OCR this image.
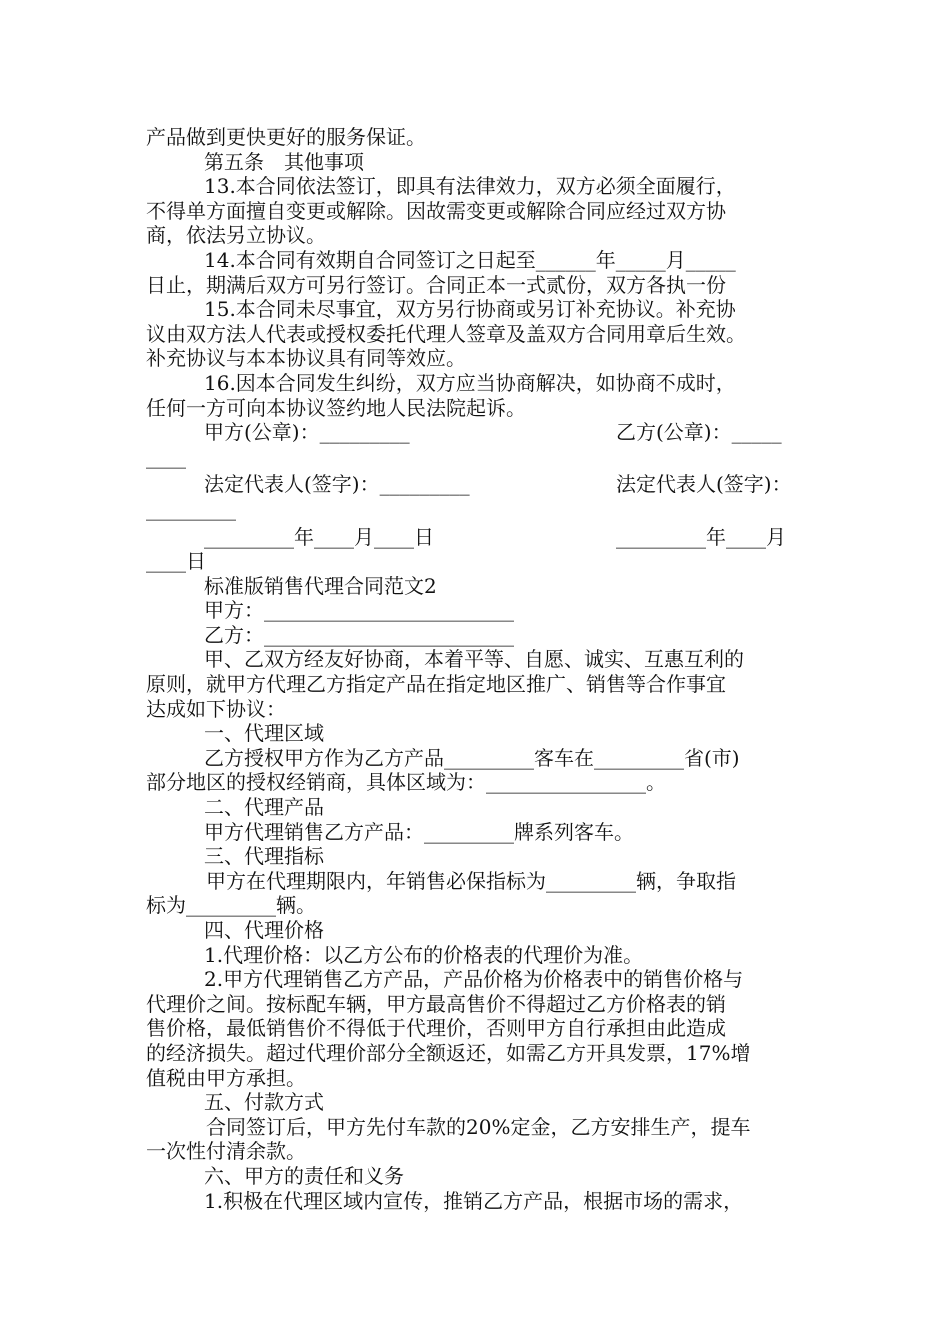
产品做到更快更好的服务保证。
第五条　其他事项
13.本合同依法签订，即具有法律效力，双方必须全面履行，
不得单方面擅自变更或解除。因故需变更或解除合同应经过双方协
商，依法另立协议。
14.本合同有效期自合同签订之日起至______年_____月_____
日止，期满后双方可另行签订。合同正本一式贰份，双方各执一份
15.本合同未尽事宜，双方另行协商或另订补充协议。补充协
议由双方法人代表或授权委托代理人签章及盖双方合同用章后生效。
补充协议与本本协议具有同等效应。
16.因本合同发生纠纷，双方应当协商解决，如协商不成时，
任何一方可向本协议签约地人民法院起诉。

甲方(公章)：_________

	乙方(公章)：_____

____

法定代表人(签字)：_________

	法定代表人(签字)：

_________

_________年____月____日

	_________年____月

____日
标准版销售代理合同范文2
甲方：_________________________
乙方：_________________________
甲、乙双方经友好协商，本着平等、自愿、诚实、互惠互利的
原则，就甲方代理乙方指定产品在指定地区推广、销售等合作事宜
达成如下协议：
一、代理区域
乙方授权甲方作为乙方产品_________客车在_________省(市)
部分地区的授权经销商，具体区域为：________________。
二、代理产品
甲方代理销售乙方产品：_________牌系列客车。
三、代理指标
甲方在代理期限内，年销售必保指标为_________辆，争取指
标为_________辆。
四、代理价格
1.代理价格：以乙方公布的价格表的代理价为准。
2.甲方代理销售乙方产品，产品价格为价格表中的销售价格与
代理价之间。按标配车辆，甲方最高售价不得超过乙方价格表的销
售价格，最低销售价不得低于代理价，否则甲方自行承担由此造成
的经济损失。超过代理价部分全额返还，如需乙方开具发票，17%增
值税由甲方承担。
五、付款方式
合同签订后，甲方先付车款的20%定金，乙方安排生产，提车
一次性付清余款。
六、甲方的责任和义务
1.积极在代理区域内宣传，推销乙方产品，根据市场的需求，
